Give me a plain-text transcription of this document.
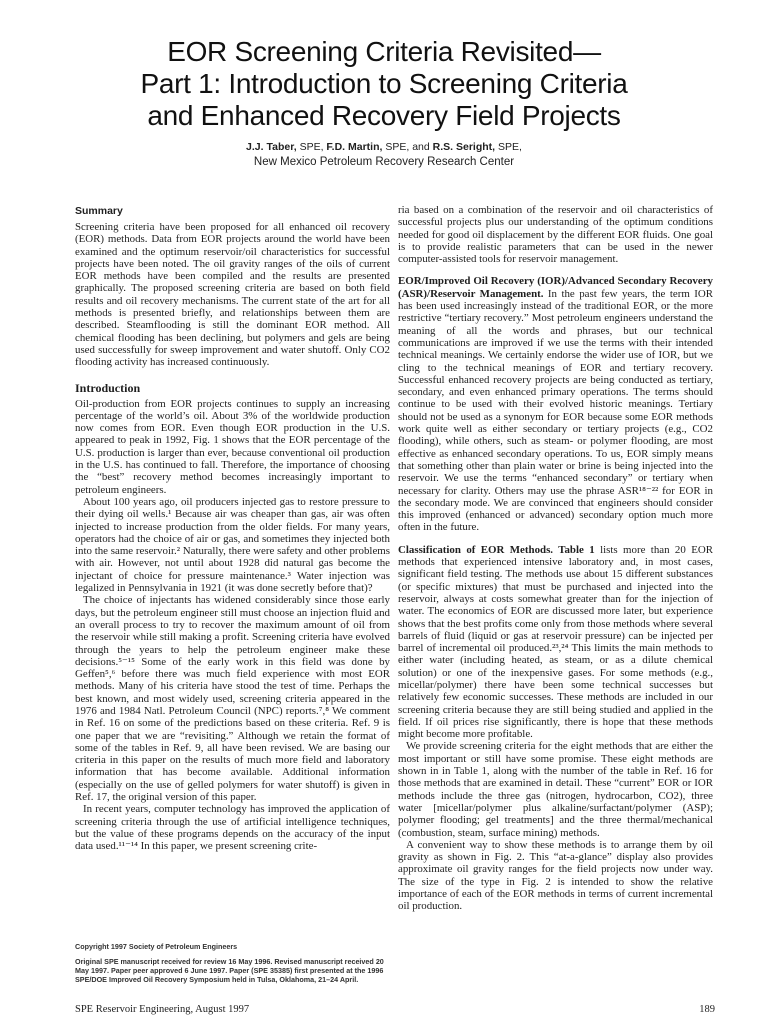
EOR Screening Criteria Revisited—
Part 1: Introduction to Screening Criteria
and Enhanced Recovery Field Projects
J.J. Taber, SPE, F.D. Martin, SPE, and R.S. Seright, SPE,
New Mexico Petroleum Recovery Research Center
Summary

Screening criteria have been proposed for all enhanced oil recovery (EOR) methods. Data from EOR projects around the world have been examined and the optimum reservoir/oil characteristics for successful projects have been noted. The oil gravity ranges of the oils of current EOR methods have been compiled and the results are presented graphically. The proposed screening criteria are based on both field results and oil recovery mechanisms. The current state of the art for all methods is presented briefly, and relationships between them are described. Steamflooding is still the dominant EOR method. All chemical flooding has been declining, but polymers and gels are being used successfully for sweep improvement and water shutoff. Only CO2 flooding activity has increased continuously.

Introduction

Oil-production from EOR projects continues to supply an increasing percentage of the world’s oil. About 3% of the worldwide production now comes from EOR. Even though EOR production in the U.S. appeared to peak in 1992, Fig. 1 shows that the EOR percentage of the U.S. production is larger than ever, because conventional oil production in the U.S. has continued to fall. Therefore, the importance of choosing the “best” recovery method becomes increasingly important to petroleum engineers.

About 100 years ago, oil producers injected gas to restore pressure to their dying oil wells.¹ Because air was cheaper than gas, air was often injected to increase production from the older fields. For many years, operators had the choice of air or gas, and sometimes they injected both into the same reservoir.² Naturally, there were safety and other problems with air. However, not until about 1928 did natural gas become the injectant of choice for pressure maintenance.³ Water injection was legalized in Pennsylvania in 1921 (it was done secretly before that)?

The choice of injectants has widened considerably since those early days, but the petroleum engineer still must choose an injection fluid and an overall process to try to recover the maximum amount of oil from the reservoir while still making a profit. Screening criteria have evolved through the years to help the petroleum engineer make these decisions.⁵⁻¹⁵ Some of the early work in this field was done by Geffen⁵,⁶ before there was much field experience with most EOR methods. Many of his criteria have stood the test of time. Perhaps the best known, and most widely used, screening criteria appeared in the 1976 and 1984 Natl. Petroleum Council (NPC) reports.⁷,⁸ We comment in Ref. 16 on some of the predictions based on these criteria. Ref. 9 is one paper that we are “revisiting.” Although we retain the format of some of the tables in Ref. 9, all have been revised. We are basing our criteria in this paper on the results of much more field and laboratory information that has become available. Additional information (especially on the use of gelled polymers for water shutoff) is given in Ref. 17, the original version of this paper.

In recent years, computer technology has improved the application of screening criteria through the use of artificial intelligence techniques, but the value of these programs depends on the accuracy of the input data used.¹¹⁻¹⁴ In this paper, we present screening crite-

ria based on a combination of the reservoir and oil characteristics of successful projects plus our understanding of the optimum conditions needed for good oil displacement by the different EOR fluids. One goal is to provide realistic parameters that can be used in the newer computer-assisted tools for reservoir management.

EOR/Improved Oil Recovery (IOR)/Advanced Secondary Recovery (ASR)/Reservoir Management. In the past few years, the term IOR has been used increasingly instead of the traditional EOR, or the more restrictive “tertiary recovery.” Most petroleum engineers understand the meaning of all the words and phrases, but our technical communications are improved if we use the terms with their intended technical meanings. We certainly endorse the wider use of IOR, but we cling to the technical meanings of EOR and tertiary recovery. Successful enhanced recovery projects are being conducted as tertiary, secondary, and even enhanced primary operations. The terms should continue to be used with their evolved historic meanings. Tertiary should not be used as a synonym for EOR because some EOR methods work quite well as either secondary or tertiary projects (e.g., CO2 flooding), while others, such as steam- or polymer flooding, are most effective as enhanced secondary operations. To us, EOR simply means that something other than plain water or brine is being injected into the reservoir. We use the terms “enhanced secondary” or tertiary when necessary for clarity. Others may use the phrase ASR¹⁸⁻²² for EOR in the secondary mode. We are convinced that engineers should consider this improved (enhanced or advanced) secondary option much more often in the future.

Classification of EOR Methods. Table 1 lists more than 20 EOR methods that experienced intensive laboratory and, in most cases, significant field testing. The methods use about 15 different substances (or specific mixtures) that must be purchased and injected into the reservoir, always at costs somewhat greater than for the injection of water. The economics of EOR are discussed more later, but experience shows that the best profits come only from those methods where several barrels of fluid (liquid or gas at reservoir pressure) can be injected per barrel of incremental oil produced.²³,²⁴ This limits the main methods to either water (including heated, as steam, or as a dilute chemical solution) or one of the inexpensive gases. For some methods (e.g., micellar/polymer) there have been some technical successes but relatively few economic successes. These methods are included in our screening criteria because they are still being studied and applied in the field. If oil prices rise significantly, there is hope that these methods might become more profitable.

We provide screening criteria for the eight methods that are either the most important or still have some promise. These eight methods are shown in in Table 1, along with the number of the table in Ref. 16 for those methods that are examined in detail. These “current” EOR or IOR methods include the three gas (nitrogen, hydrocarbon, CO2), three water [micellar/polymer plus alkaline/surfactant/polymer (ASP); polymer flooding; gel treatments] and the three thermal/mechanical (combustion, steam, surface mining) methods.

A convenient way to show these methods is to arrange them by oil gravity as shown in Fig. 2. This “at-a-glance” display also provides approximate oil gravity ranges for the field projects now under way. The size of the type in Fig. 2 is intended to show the relative importance of each of the EOR methods in terms of current incremental oil production.

Copyright 1997 Society of Petroleum Engineers

Original SPE manuscript received for review 16 May 1996. Revised manuscript received 20 May 1997. Paper peer approved 6 June 1997. Paper (SPE 35385) first presented at the 1996 SPE/DOE Improved Oil Recovery Symposium held in Tulsa, Oklahoma, 21–24 April.

SPE Reservoir Engineering, August 1997	189
